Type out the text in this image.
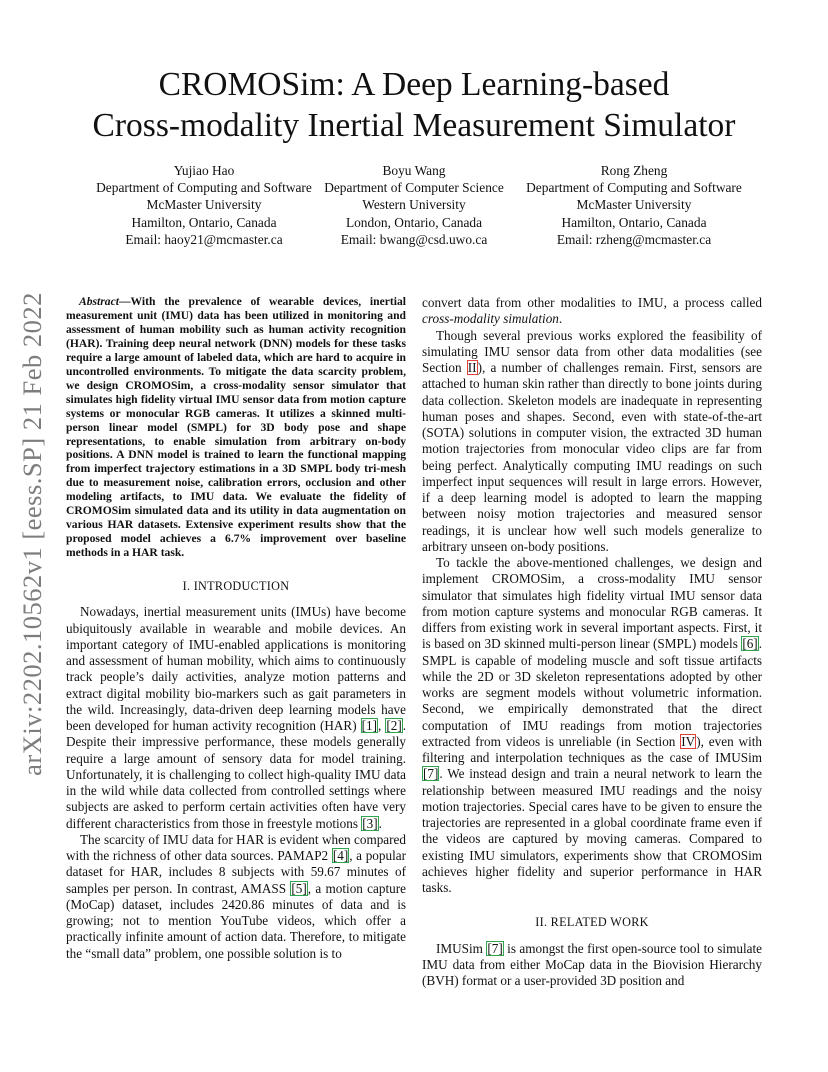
arXiv:2202.10562v1 [eess.SP] 21 Feb 2022
CROMOSim: A Deep Learning-based
Cross-modality Inertial Measurement Simulator
Yujiao Hao
Department of Computing and Software
McMaster University
Hamilton, Ontario, Canada
Email: haoy21@mcmaster.ca
Boyu Wang
Department of Computer Science
Western University
London, Ontario, Canada
Email: bwang@csd.uwo.ca
Rong Zheng
Department of Computing and Software
McMaster University
Hamilton, Ontario, Canada
Email: rzheng@mcmaster.ca

Abstract—With the prevalence of wearable devices, inertial measurement unit (IMU) data has been utilized in monitoring and assessment of human mobility such as human activity recognition (HAR). Training deep neural network (DNN) models for these tasks require a large amount of labeled data, which are hard to acquire in uncontrolled environments. To mitigate the data scarcity problem, we design CROMOSim, a cross-modality sensor simulator that simulates high fidelity virtual IMU sensor data from motion capture systems or monocular RGB cameras. It utilizes a skinned multi-person linear model (SMPL) for 3D body pose and shape representations, to enable simulation from arbitrary on-body positions. A DNN model is trained to learn the functional mapping from imperfect trajectory estimations in a 3D SMPL body tri-mesh due to measurement noise, calibration errors, occlusion and other modeling artifacts, to IMU data. We evaluate the fidelity of CROMOSim simulated data and its utility in data augmentation on various HAR datasets. Extensive experiment results show that the proposed model achieves a 6.7% improvement over baseline methods in a HAR task.

I. INTRODUCTION

Nowadays, inertial measurement units (IMUs) have become ubiquitously available in wearable and mobile devices. An important category of IMU-enabled applications is monitoring and assessment of human mobility, which aims to continuously track people’s daily activities, analyze motion patterns and extract digital mobility bio-markers such as gait parameters in the wild. Increasingly, data-driven deep learning models have been developed for human activity recognition (HAR) [1], [2]. Despite their impressive performance, these models generally require a large amount of sensory data for model training. Unfortunately, it is challenging to collect high-quality IMU data in the wild while data collected from controlled settings where subjects are asked to perform certain activities often have very different characteristics from those in freestyle motions [3].

The scarcity of IMU data for HAR is evident when compared with the richness of other data sources. PAMAP2 [4], a popular dataset for HAR, includes 8 subjects with 59.67 minutes of samples per person. In contrast, AMASS [5], a motion capture (MoCap) dataset, includes 2420.86 minutes of data and is growing; not to mention YouTube videos, which offer a practically infinite amount of action data. Therefore, to mitigate the “small data” problem, one possible solution is to

convert data from other modalities to IMU, a process called cross-modality simulation.

Though several previous works explored the feasibility of simulating IMU sensor data from other data modalities (see Section II), a number of challenges remain. First, sensors are attached to human skin rather than directly to bone joints during data collection. Skeleton models are inadequate in representing human poses and shapes. Second, even with state-of-the-art (SOTA) solutions in computer vision, the extracted 3D human motion trajectories from monocular video clips are far from being perfect. Analytically computing IMU readings on such imperfect input sequences will result in large errors. However, if a deep learning model is adopted to learn the mapping between noisy motion trajectories and measured sensor readings, it is unclear how well such models generalize to arbitrary unseen on-body positions.

To tackle the above-mentioned challenges, we design and implement CROMOSim, a cross-modality IMU sensor simulator that simulates high fidelity virtual IMU sensor data from motion capture systems and monocular RGB cameras. It differs from existing work in several important aspects. First, it is based on 3D skinned multi-person linear (SMPL) models [6]. SMPL is capable of modeling muscle and soft tissue artifacts while the 2D or 3D skeleton representations adopted by other works are segment models without volumetric information. Second, we empirically demonstrated that the direct computation of IMU readings from motion trajectories extracted from videos is unreliable (in Section IV), even with filtering and interpolation techniques as the case of IMUSim [7]. We instead design and train a neural network to learn the relationship between measured IMU readings and the noisy motion trajectories. Special cares have to be given to ensure the trajectories are represented in a global coordinate frame even if the videos are captured by moving cameras. Compared to existing IMU simulators, experiments show that CROMOSim achieves higher fidelity and superior performance in HAR tasks.

II. RELATED WORK

IMUSim [7] is amongst the first open-source tool to simulate IMU data from either MoCap data in the Biovision Hierarchy (BVH) format or a user-provided 3D position and
